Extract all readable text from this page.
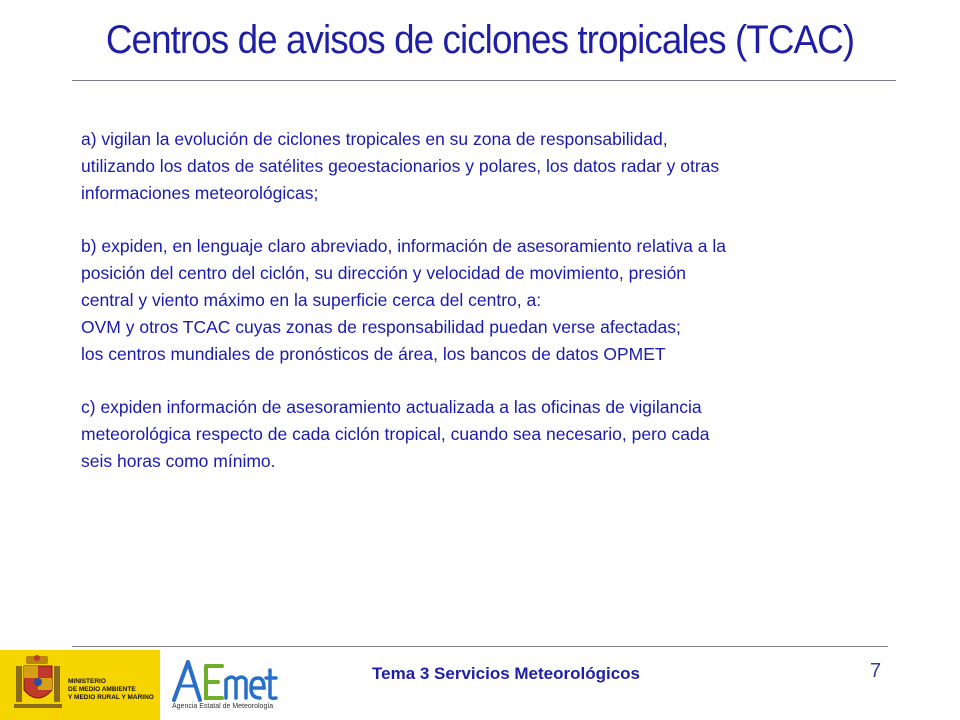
Centros de avisos de ciclones tropicales (TCAC)
a) vigilan la evolución de ciclones tropicales en su zona de responsabilidad,
utilizando los datos de satélites geoestacionarios y polares, los datos radar y otras
informaciones meteorológicas;
b) expiden, en lenguaje claro abreviado, información de asesoramiento relativa a la
posición del centro del ciclón, su dirección y velocidad de movimiento, presión
central y viento máximo en la superficie cerca del centro, a:
OVM y otros TCAC cuyas zonas de responsabilidad puedan verse afectadas;
los centros mundiales de pronósticos de área, los bancos de datos OPMET
c) expiden información de asesoramiento actualizada a las oficinas de vigilancia
meteorológica respecto de cada ciclón tropical, cuando sea necesario, pero cada
seis horas como mínimo.
MINISTERIO
DE MEDIO AMBIENTE
Y MEDIO RURAL Y MARINO
Agencia Estatal de Meteorología
Tema 3 Servicios Meteorológicos	7
